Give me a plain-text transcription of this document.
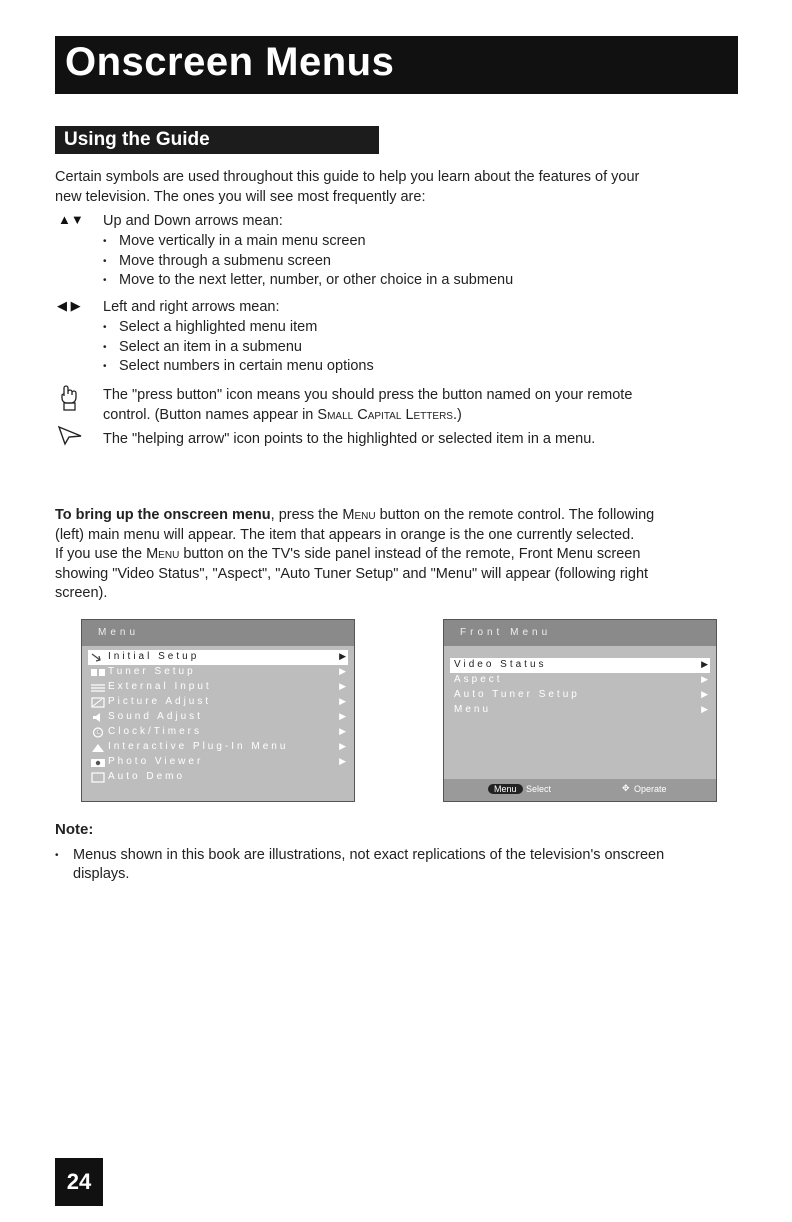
Onscreen Menus
Using the Guide
Certain symbols are used throughout this guide to help you learn about the features of your
new television. The ones you will see most frequently are:
▲▼ Up and Down arrows mean:
• Move vertically in a main menu screen
• Move through a submenu screen
• Move to the next letter, number, or other choice in a submenu
◀ ▶ Left and right arrows mean:
• Select a highlighted menu item
• Select an item in a submenu
• Select numbers in certain menu options
The "press button" icon means you should press the button named on your remote
control. (Button names appear in Small Capital Letters.)
The "helping arrow" icon points to the highlighted or selected item in a menu.
To bring up the onscreen menu, press the Menu button on the remote control. The following
(left) main menu will appear. The item that appears in orange is the one currently selected.
If you use the Menu button on the TV's side panel instead of the remote, Front Menu screen
showing "Video Status", "Aspect", "Auto Tuner Setup" and "Menu" will appear (following right
screen).
Menu
Initial Setup	▶
Tuner Setup	▶
External Input	▶
Picture Adjust	▶
Sound Adjust	▶
Clock/Timers	▶
Interactive Plug-In Menu	▶
Photo Viewer	▶
Auto Demo
Front Menu
Video Status	▶
Aspect	▶
Auto Tuner Setup	▶
Menu	▶
Menu	Select	✥ Operate
Note:
• Menus shown in this book are illustrations, not exact replications of the television's onscreen
displays.
24
